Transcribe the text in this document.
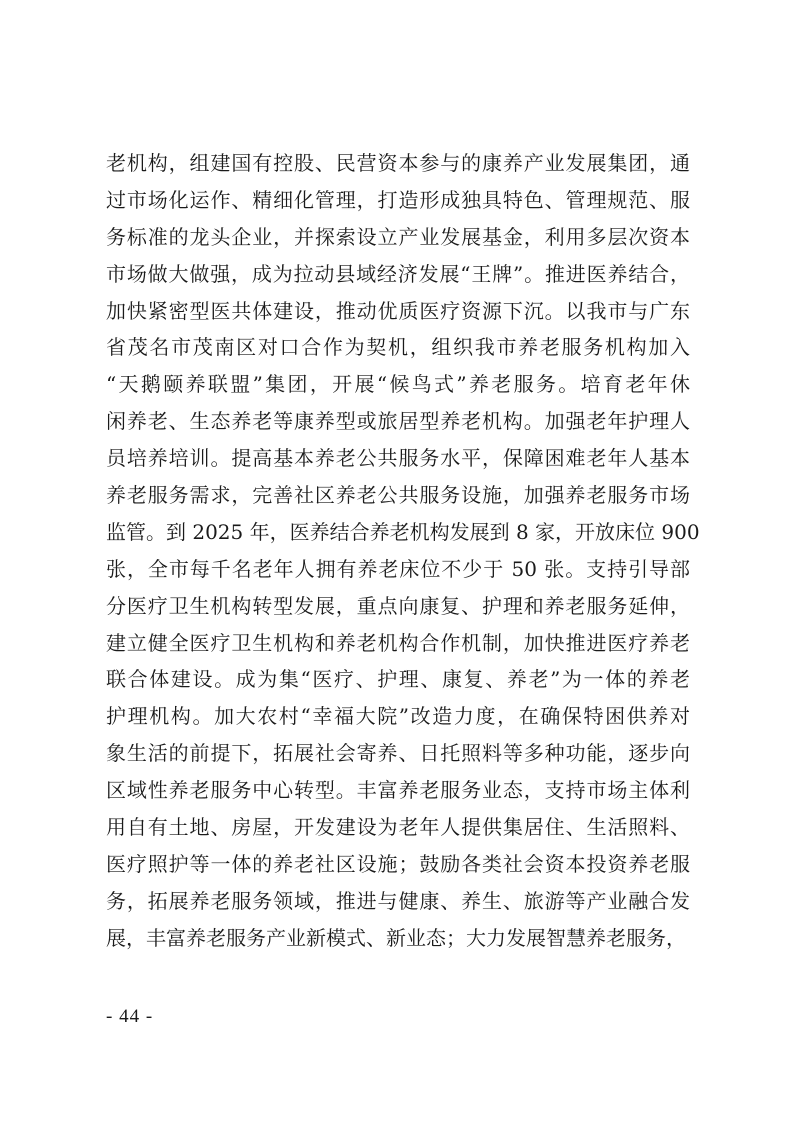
老机构，组建国有控股、民营资本参与的康养产业发展集团，通
过市场化运作、精细化管理，打造形成独具特色、管理规范、服
务标准的龙头企业，并探索设立产业发展基金，利用多层次资本
市场做大做强，成为拉动县域经济发展“王牌”。推进医养结合，
加快紧密型医共体建设，推动优质医疗资源下沉。以我市与广东
省茂名市茂南区对口合作为契机，组织我市养老服务机构加入
“天鹅颐养联盟”集团，开展“候鸟式”养老服务。培育老年休
闲养老、生态养老等康养型或旅居型养老机构。加强老年护理人
员培养培训。提高基本养老公共服务水平，保障困难老年人基本
养老服务需求，完善社区养老公共服务设施，加强养老服务市场
监管。到 2025 年，医养结合养老机构发展到 8 家，开放床位 900
张，全市每千名老年人拥有养老床位不少于 50 张。支持引导部
分医疗卫生机构转型发展，重点向康复、护理和养老服务延伸，
建立健全医疗卫生机构和养老机构合作机制，加快推进医疗养老
联合体建设。成为集“医疗、护理、康复、养老”为一体的养老
护理机构。加大农村“幸福大院”改造力度，在确保特困供养对
象生活的前提下，拓展社会寄养、日托照料等多种功能，逐步向
区域性养老服务中心转型。丰富养老服务业态，支持市场主体利
用自有土地、房屋，开发建设为老年人提供集居住、生活照料、
医疗照护等一体的养老社区设施；鼓励各类社会资本投资养老服
务，拓展养老服务领域，推进与健康、养生、旅游等产业融合发
展，丰富养老服务产业新模式、新业态；大力发展智慧养老服务，
- 44 -
